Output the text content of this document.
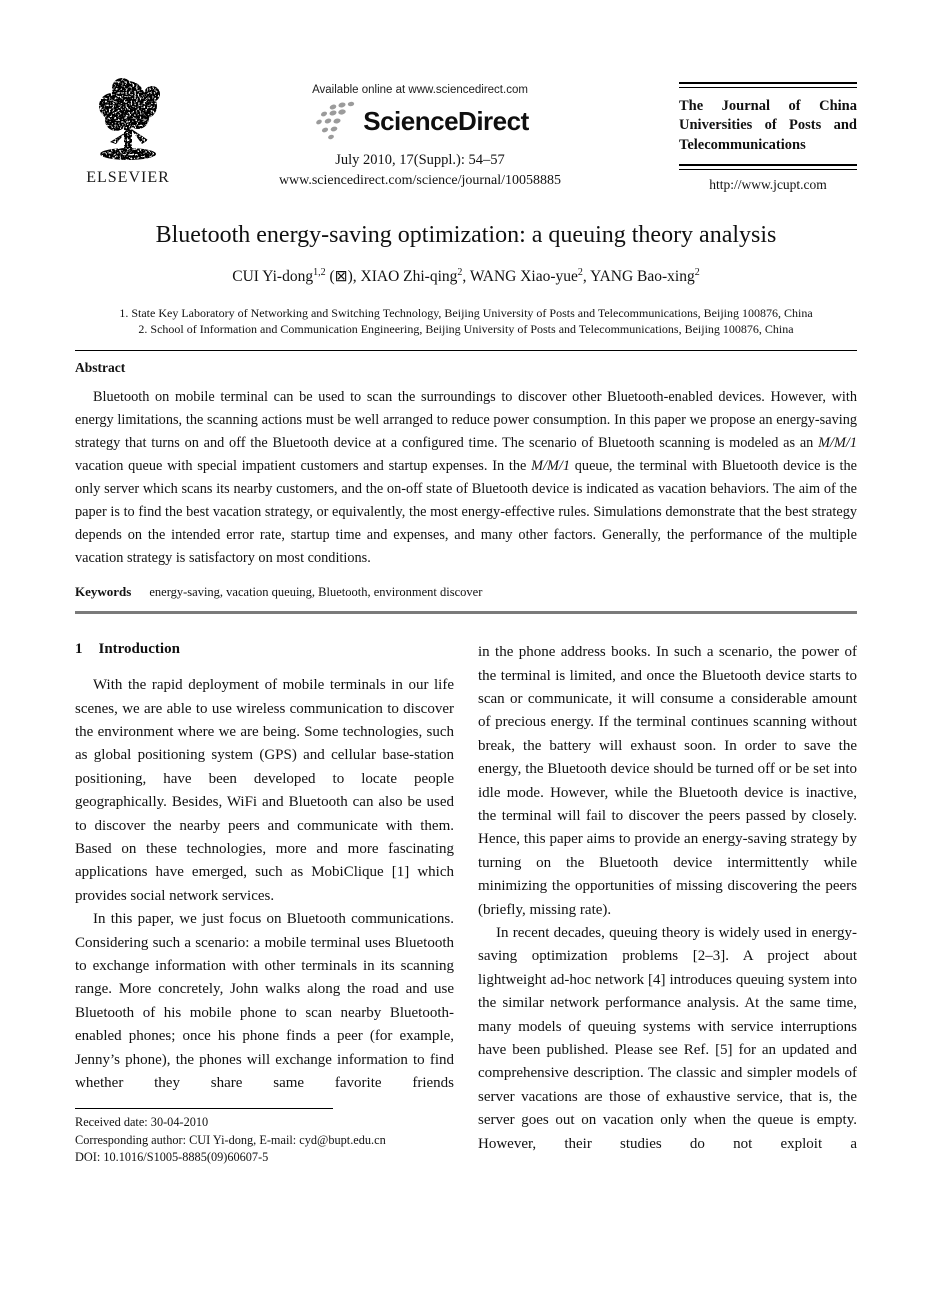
ELSEVIER
Available online at www.sciencedirect.com
ScienceDirect
July 2010, 17(Suppl.): 54–57
www.sciencedirect.com/science/journal/10058885
The Journal of China Universities of Posts and Telecommunications
http://www.jcupt.com
Bluetooth energy-saving optimization: a queuing theory analysis
CUI Yi-dong$^{1,2}$ (⊠), XIAO Zhi-qing$^2$, WANG Xiao-yue$^2$, YANG Bao-xing$^2$
1. State Key Laboratory of Networking and Switching Technology, Beijing University of Posts and Telecommunications, Beijing 100876, China
2. School of Information and Communication Engineering, Beijing University of Posts and Telecommunications, Beijing 100876, China
Abstract

Bluetooth on mobile terminal can be used to scan the surroundings to discover other Bluetooth-enabled devices. However, with energy limitations, the scanning actions must be well arranged to reduce power consumption. In this paper we propose an energy-saving strategy that turns on and off the Bluetooth device at a configured time. The scenario of Bluetooth scanning is modeled as an M/M/1 vacation queue with special impatient customers and startup expenses. In the M/M/1 queue, the terminal with Bluetooth device is the only server which scans its nearby customers, and the on-off state of Bluetooth device is indicated as vacation behaviors. The aim of the paper is to find the best vacation strategy, or equivalently, the most energy-effective rules. Simulations demonstrate that the best strategy depends on the intended error rate, startup time and expenses, and many other factors. Generally, the performance of the multiple vacation strategy is satisfactory on most conditions.

Keywords energy-saving, vacation queuing, Bluetooth, environment discover
1 Introduction

With the rapid deployment of mobile terminals in our life scenes, we are able to use wireless communication to discover the environment where we are being. Some technologies, such as global positioning system (GPS) and cellular base-station positioning, have been developed to locate people geographically. Besides, WiFi and Bluetooth can also be used to discover the nearby peers and communicate with them. Based on these technologies, more and more fascinating applications have emerged, such as MobiClique [1] which provides social network services.

In this paper, we just focus on Bluetooth communications. Considering such a scenario: a mobile terminal uses Bluetooth to exchange information with other terminals in its scanning range. More concretely, John walks along the road and use Bluetooth of his mobile phone to scan nearby Bluetooth-enabled phones; once his phone finds a peer (for example, Jenny’s phone), the phones will exchange information to find whether they share same favorite friends

Received date: 30-04-2010
Corresponding author: CUI Yi-dong, E-mail: cyd@bupt.edu.cn
DOI: 10.1016/S1005-8885(09)60607-5

in the phone address books. In such a scenario, the power of the terminal is limited, and once the Bluetooth device starts to scan or communicate, it will consume a considerable amount of precious energy. If the terminal continues scanning without break, the battery will exhaust soon. In order to save the energy, the Bluetooth device should be turned off or be set into idle mode. However, while the Bluetooth device is inactive, the terminal will fail to discover the peers passed by closely. Hence, this paper aims to provide an energy-saving strategy by turning on the Bluetooth device intermittently while minimizing the opportunities of missing discovering the peers (briefly, missing rate).

In recent decades, queuing theory is widely used in energy-saving optimization problems [2–3]. A project about lightweight ad-hoc network [4] introduces queuing system into the similar network performance analysis. At the same time, many models of queuing systems with service interruptions have been published. Please see Ref. [5] for an updated and comprehensive description. The classic and simpler models of server vacations are those of exhaustive service, that is, the server goes out on vacation only when the queue is empty. However, their studies do not exploit a
